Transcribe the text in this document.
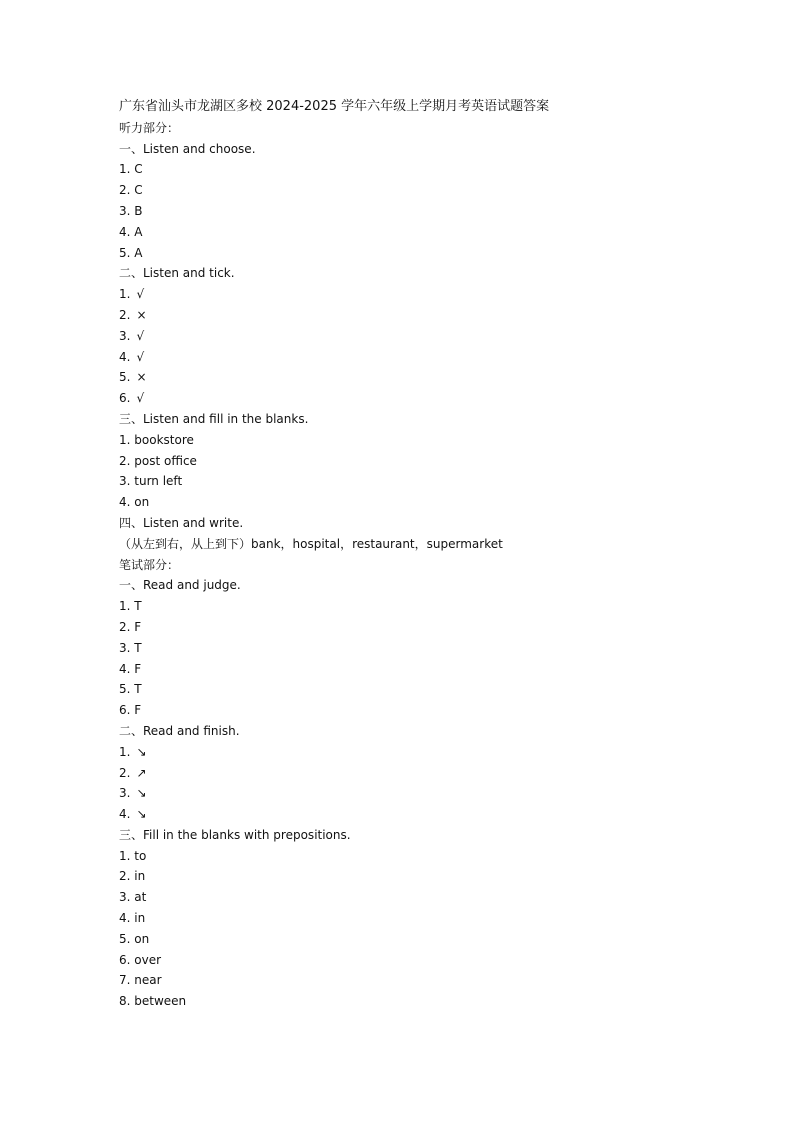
广东省汕头市龙湖区多校 2024-2025 学年六年级上学期月考英语试题答案
听力部分：
一、Listen and choose.
1. C
2. C
3. B
4. A
5. A
二、Listen and tick.
1. √
2. ×
3. √
4. √
5. ×
6. √
三、Listen and fill in the blanks.
1. bookstore
2. post office
3. turn left
4. on
四、Listen and write.
（从左到右，从上到下）bank，hospital，restaurant，supermarket
笔试部分：
一、Read and judge.
1. T
2. F
3. T
4. F
5. T
6. F
二、Read and finish.
1. ↘
2. ↗
3. ↘
4. ↘
三、Fill in the blanks with prepositions.
1. to
2. in
3. at
4. in
5. on
6. over
7. near
8. between
